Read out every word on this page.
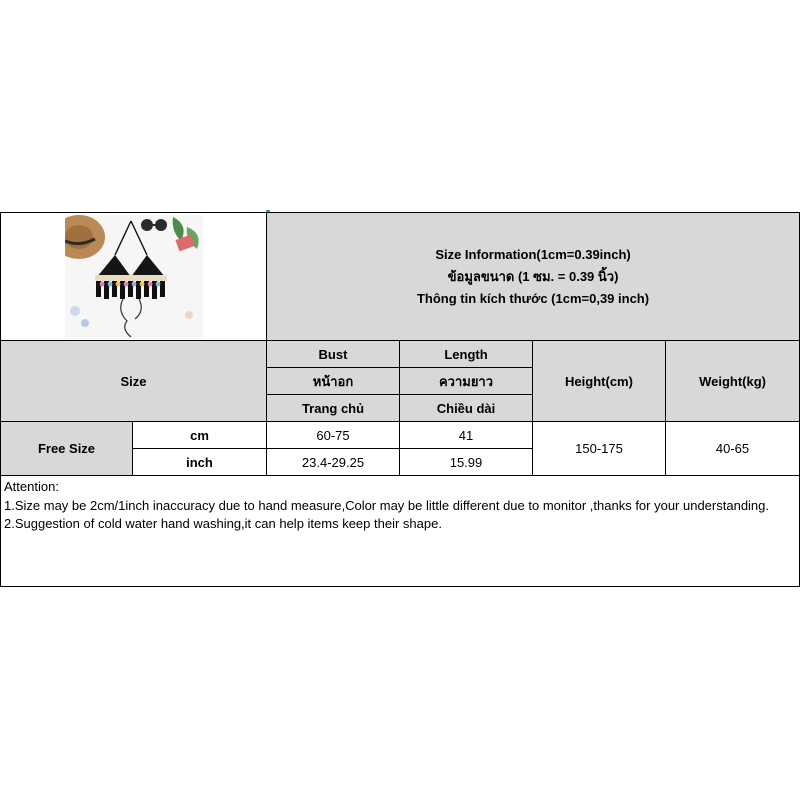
Size Information(1cm=0.39inch)
ข้อมูลขนาด (1 ซม. = 0.39 นิ้ว)
Thông tin kích thước (1cm=0,39 inch)			

Size		Bust	Length	Height(cm)	Weight(kg)
		หน้าอก	ความยาว		
		Trang chủ	Chiều dài		
Free Size	cm	60-75	41	150-175	40-65
	inch	23.4-29.25	15.99		

Attention:
1.Size may be 2cm/1inch inaccuracy due to hand measure,Color may be little different due to monitor ,thanks for your understanding.
2.Suggestion of cold water hand washing,it can help items keep their shape.					
